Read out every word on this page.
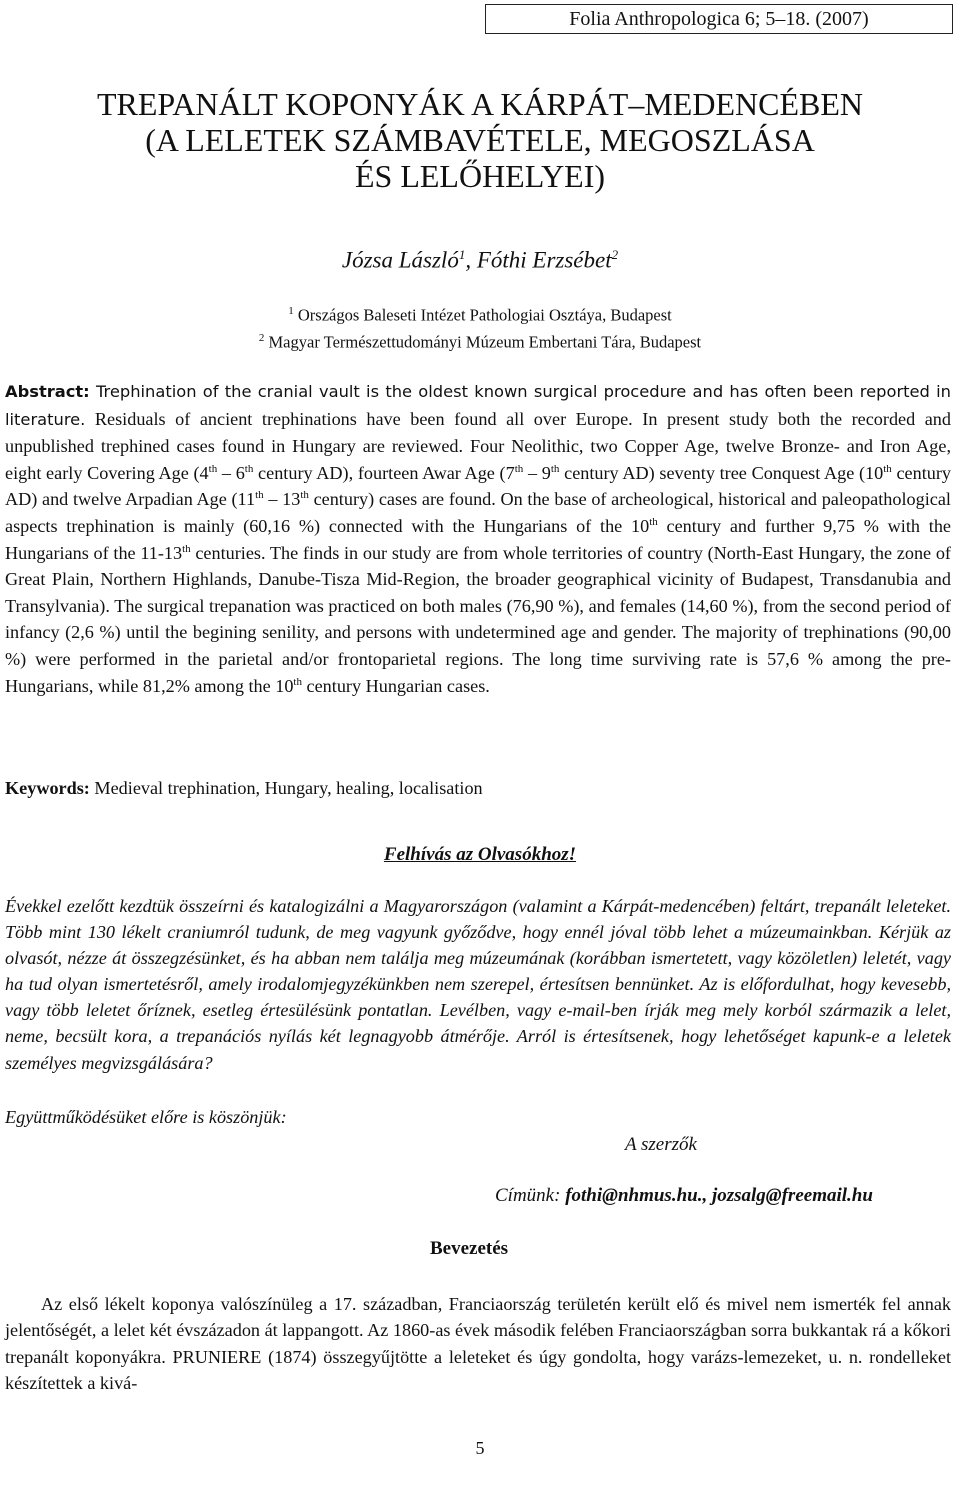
Folia Anthropologica 6; 5–18. (2007)
TREPANÁLT KOPONYÁK A KÁRPÁT–MEDENCÉBEN
(A LELETEK SZÁMBAVÉTELE, MEGOSZLÁSA
ÉS LELŐHELYEI)
Józsa László$^1$, Fóthi Erzsébet$^2$
$^1$ Országos Baleseti Intézet Pathologiai Osztáya, Budapest
$^2$ Magyar Természettudományi Múzeum Embertani Tára, Budapest

Abstract: Trephination of the cranial vault is the oldest known surgical procedure and has often been reported in literature. Residuals of ancient trephinations have been found all over Europe. In present study both the recorded and unpublished trephined cases found in Hungary are reviewed. Four Neolithic, two Copper Age, twelve Bronze- and Iron Age, eight early Covering Age (4th – 6th century AD), fourteen Awar Age (7th – 9th century AD) seventy tree Conquest Age (10th century AD) and twelve Arpadian Age (11th – 13th century) cases are found. On the base of archeological, historical and paleopathological aspects trephination is mainly (60,16 %) connected with the Hungarians of the 10th century and further 9,75 % with the Hungarians of the 11-13th centuries. The finds in our study are from whole territories of country (North-East Hungary, the zone of Great Plain, Northern Highlands, Danube-Tisza Mid-Region, the broader geographical vicinity of Budapest, Transdanubia and Transylvania). The surgical trepanation was practiced on both males (76,90 %), and females (14,60 %), from the second period of infancy (2,6 %) until the begining senility, and persons with undetermined age and gender. The majority of trephinations (90,00 %) were performed in the parietal and/or frontoparietal regions. The long time surviving rate is 57,6 % among the pre-Hungarians, while 81,2% among the 10th century Hungarian cases.

Keywords: Medieval trephination, Hungary, healing, localisation

Felhívás az Olvasókhoz!

Évekkel ezelőtt kezdtük összeírni és katalogizálni a Magyarországon (valamint a Kárpát-medencében) feltárt, trepanált leleteket. Több mint 130 lékelt craniumról tudunk, de meg vagyunk győződve, hogy ennél jóval több lehet a múzeumainkban. Kérjük az olvasót, nézze át összegzésünket, és ha abban nem találja meg múzeumának (korábban ismertetett, vagy közöletlen) leletét, vagy ha tud olyan ismertetésről, amely irodalomjegyzékünkben nem szerepel, értesítsen bennünket. Az is előfordulhat, hogy kevesebb, vagy több leletet őríznek, esetleg értesülésünk pontatlan. Levélben, vagy e-mail-ben írják meg mely korból származik a lelet, neme, becsült kora, a trepanációs nyílás két legnagyobb átmérője. Arról is értesítsenek, hogy lehetőséget kapunk-e a leletek személyes megvizsgálására?

Együttműködésüket előre is köszönjük:
A szerzők
Címünk: fothi@nhmus.hu., jozsalg@freemail.hu
Bevezetés

Az első lékelt koponya valószínüleg a 17. században, Franciaország területén került elő és mivel nem ismerték fel annak jelentőségét, a lelet két évszázadon át lappangott. Az 1860-as évek második felében Franciaországban sorra bukkantak rá a kőkori trepanált koponyákra. PRUNIERE (1874) összegyűjtötte a leleteket és úgy gondolta, hogy varázs-lemezeket, u. n. rondelleket készítettek a kivá-

5
